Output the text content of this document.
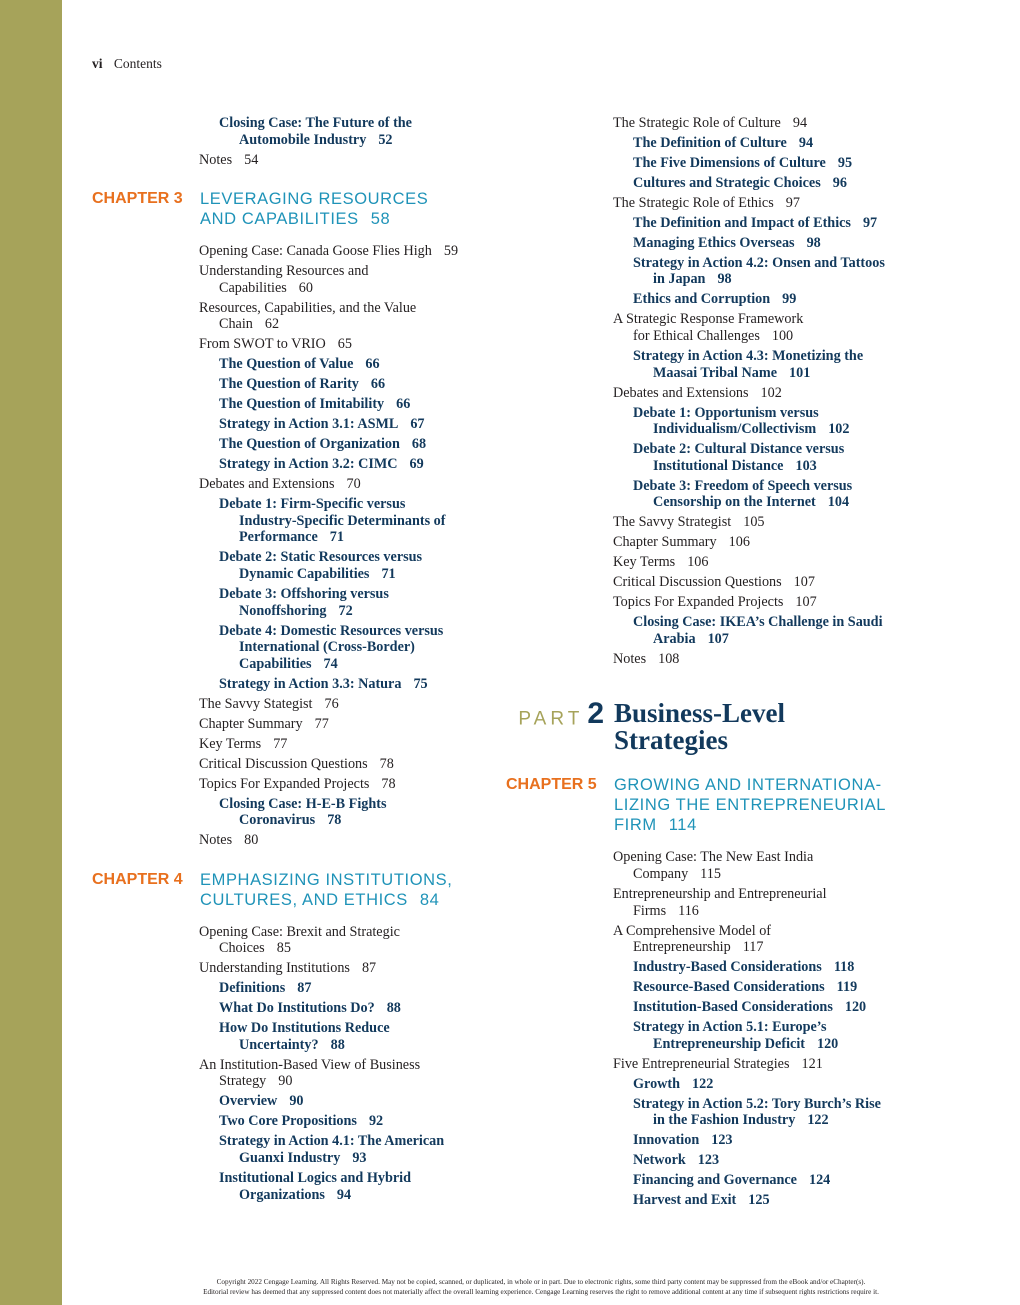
vi Contents
Closing Case: The Future of the
Automobile Industry 52
Notes 54
CHAPTER 3	LEVERAGING RESOURCES
AND CAPABILITIES 58
Opening Case: Canada Goose Flies High 59
Understanding Resources and
Capabilities 60
Resources, Capabilities, and the Value
Chain 62
From SWOT to VRIO 65
The Question of Value 66
The Question of Rarity 66
The Question of Imitability 66
Strategy in Action 3.1: ASML 67
The Question of Organization 68
Strategy in Action 3.2: CIMC 69
Debates and Extensions 70
Debate 1: Firm-Specific versus
Industry-Specific Determinants of
Performance 71
Debate 2: Static Resources versus
Dynamic Capabilities 71
Debate 3: Offshoring versus
Nonoffshoring 72
Debate 4: Domestic Resources versus
International (Cross-Border)
Capabilities 74
Strategy in Action 3.3: Natura 75
The Savvy Stategist 76
Chapter Summary 77
Key Terms 77
Critical Discussion Questions 78
Topics For Expanded Projects 78
Closing Case: H-E-B Fights
Coronavirus 78
Notes 80
CHAPTER 4	EMPHASIZING INSTITUTIONS,
CULTURES, AND ETHICS 84
Opening Case: Brexit and Strategic
Choices 85
Understanding Institutions 87
Definitions 87
What Do Institutions Do? 88
How Do Institutions Reduce
Uncertainty? 88
An Institution-Based View of Business
Strategy 90
Overview 90
Two Core Propositions 92
Strategy in Action 4.1: The American
Guanxi Industry 93
Institutional Logics and Hybrid
Organizations 94
The Strategic Role of Culture 94
The Definition of Culture 94
The Five Dimensions of Culture 95
Cultures and Strategic Choices 96
The Strategic Role of Ethics 97
The Definition and Impact of Ethics 97
Managing Ethics Overseas 98
Strategy in Action 4.2: Onsen and Tattoos
in Japan 98
Ethics and Corruption 99
A Strategic Response Framework
for Ethical Challenges 100
Strategy in Action 4.3: Monetizing the
Maasai Tribal Name 101
Debates and Extensions 102
Debate 1: Opportunism versus
Individualism/Collectivism 102
Debate 2: Cultural Distance versus
Institutional Distance 103
Debate 3: Freedom of Speech versus
Censorship on the Internet 104
The Savvy Strategist 105
Chapter Summary 106
Key Terms 106
Critical Discussion Questions 107
Topics For Expanded Projects 107
Closing Case: IKEA’s Challenge in Saudi
Arabia 107
Notes 108
PART 2 Business-Level
Strategies
CHAPTER 5	GROWING AND INTERNATIONA-
LIZING THE ENTREPRENEURIAL
FIRM 114
Opening Case: The New East India
Company 115
Entrepreneurship and Entrepreneurial
Firms 116
A Comprehensive Model of
Entrepreneurship 117
Industry-Based Considerations 118
Resource-Based Considerations 119
Institution-Based Considerations 120
Strategy in Action 5.1: Europe’s
Entrepreneurship Deficit 120
Five Entrepreneurial Strategies 121
Growth 122
Strategy in Action 5.2: Tory Burch’s Rise
in the Fashion Industry 122
Innovation 123
Network 123
Financing and Governance 124
Harvest and Exit 125
Copyright 2022 Cengage Learning. All Rights Reserved. May not be copied, scanned, or duplicated, in whole or in part. Due to electronic rights, some third party content may be suppressed from the eBook and/or eChapter(s).
Editorial review has deemed that any suppressed content does not materially affect the overall learning experience. Cengage Learning reserves the right to remove additional content at any time if subsequent rights restrictions require it.
